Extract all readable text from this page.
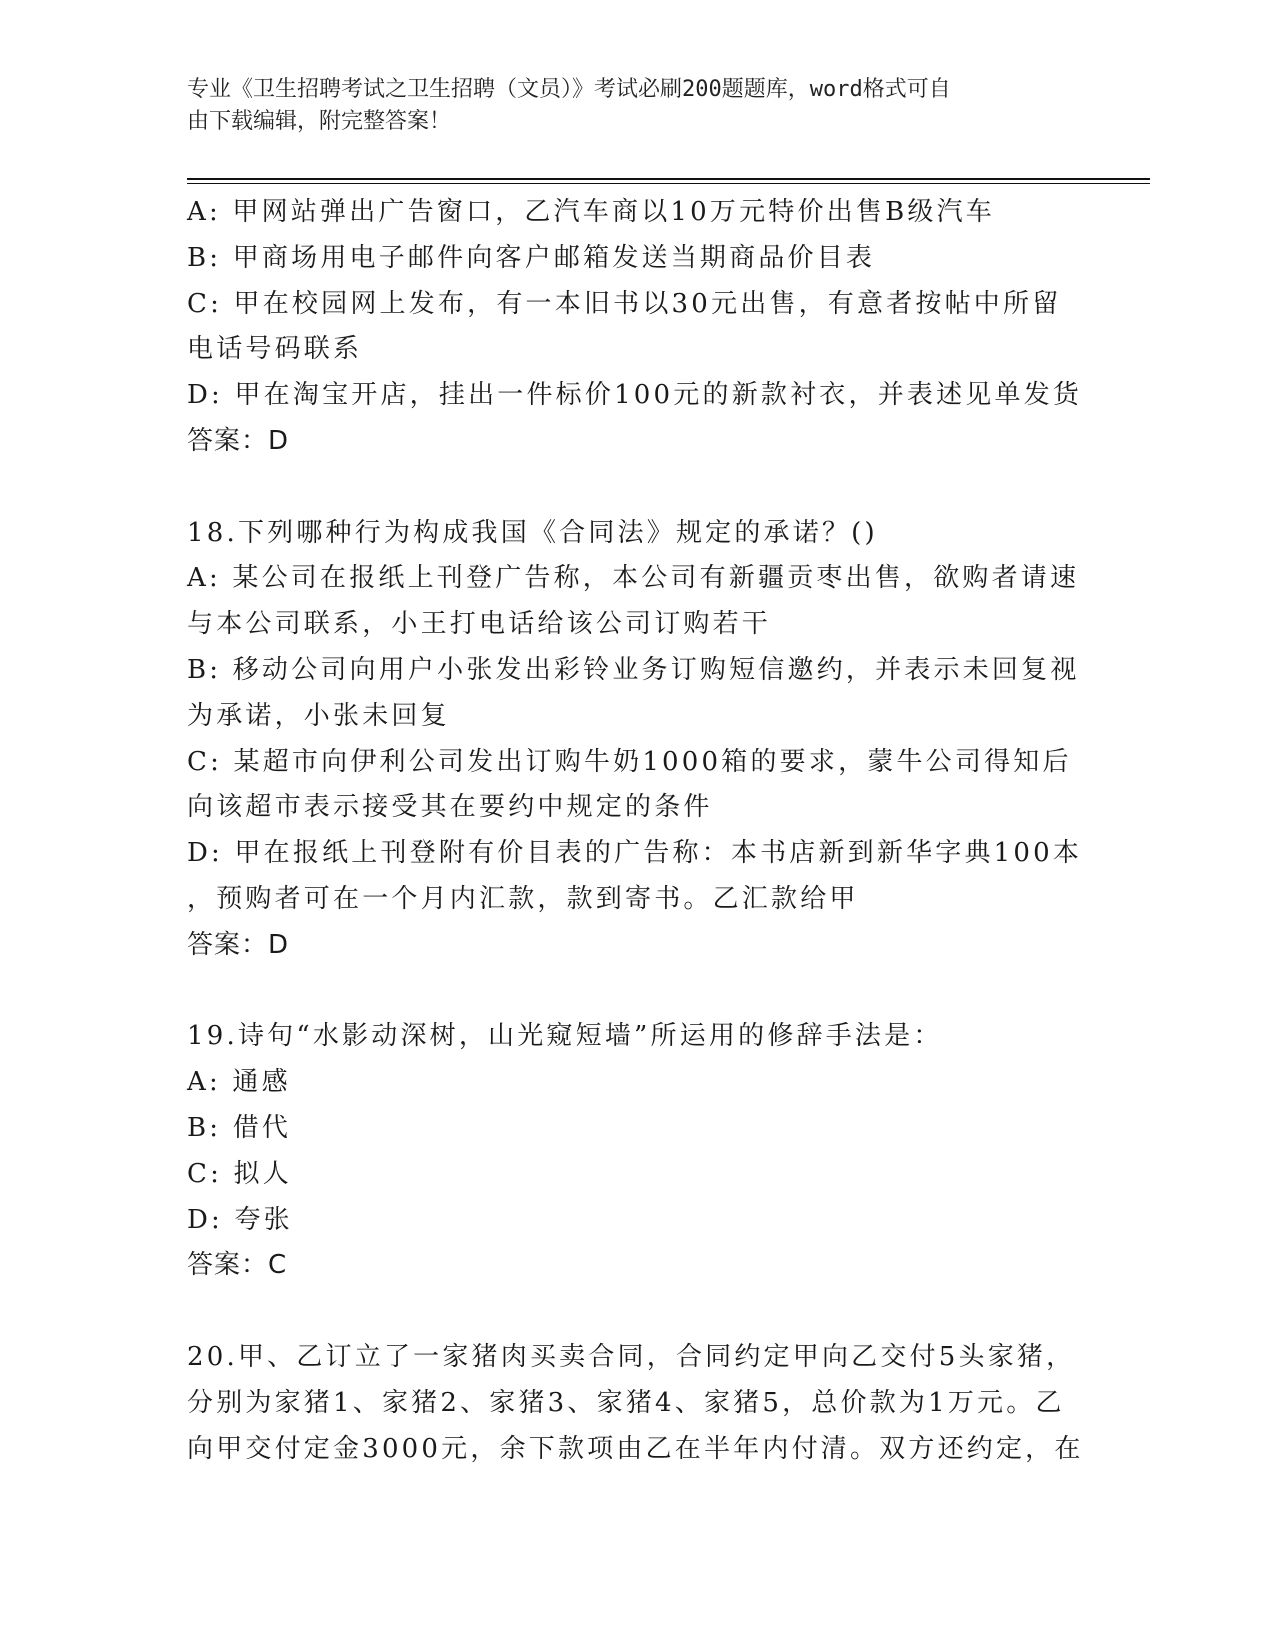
专业《卫生招聘考试之卫生招聘（文员）》考试必刷200题题库，word格式可自
由下载编辑，附完整答案！
A: 甲网站弹出广告窗口，乙汽车商以10万元特价出售B级汽车
B: 甲商场用电子邮件向客户邮箱发送当期商品价目表
C: 甲在校园网上发布，有一本旧书以30元出售，有意者按帖中所留
电话号码联系
D: 甲在淘宝开店，挂出一件标价100元的新款衬衣，并表述见单发货
答案：D
18.下列哪种行为构成我国《合同法》规定的承诺？()
A: 某公司在报纸上刊登广告称，本公司有新疆贡枣出售，欲购者请速
与本公司联系，小王打电话给该公司订购若干
B: 移动公司向用户小张发出彩铃业务订购短信邀约，并表示未回复视
为承诺，小张未回复
C: 某超市向伊利公司发出订购牛奶1000箱的要求，蒙牛公司得知后
向该超市表示接受其在要约中规定的条件
D: 甲在报纸上刊登附有价目表的广告称：本书店新到新华字典100本
，预购者可在一个月内汇款，款到寄书。乙汇款给甲
答案：D
19.诗句“水影动深树，山光窥短墙”所运用的修辞手法是：
A: 通感
B: 借代
C: 拟人
D: 夸张
答案：C
20.甲、乙订立了一家猪肉买卖合同，合同约定甲向乙交付5头家猪，
分别为家猪1、家猪2、家猪3、家猪4、家猪5，总价款为1万元。乙
向甲交付定金3000元，余下款项由乙在半年内付清。双方还约定，在
